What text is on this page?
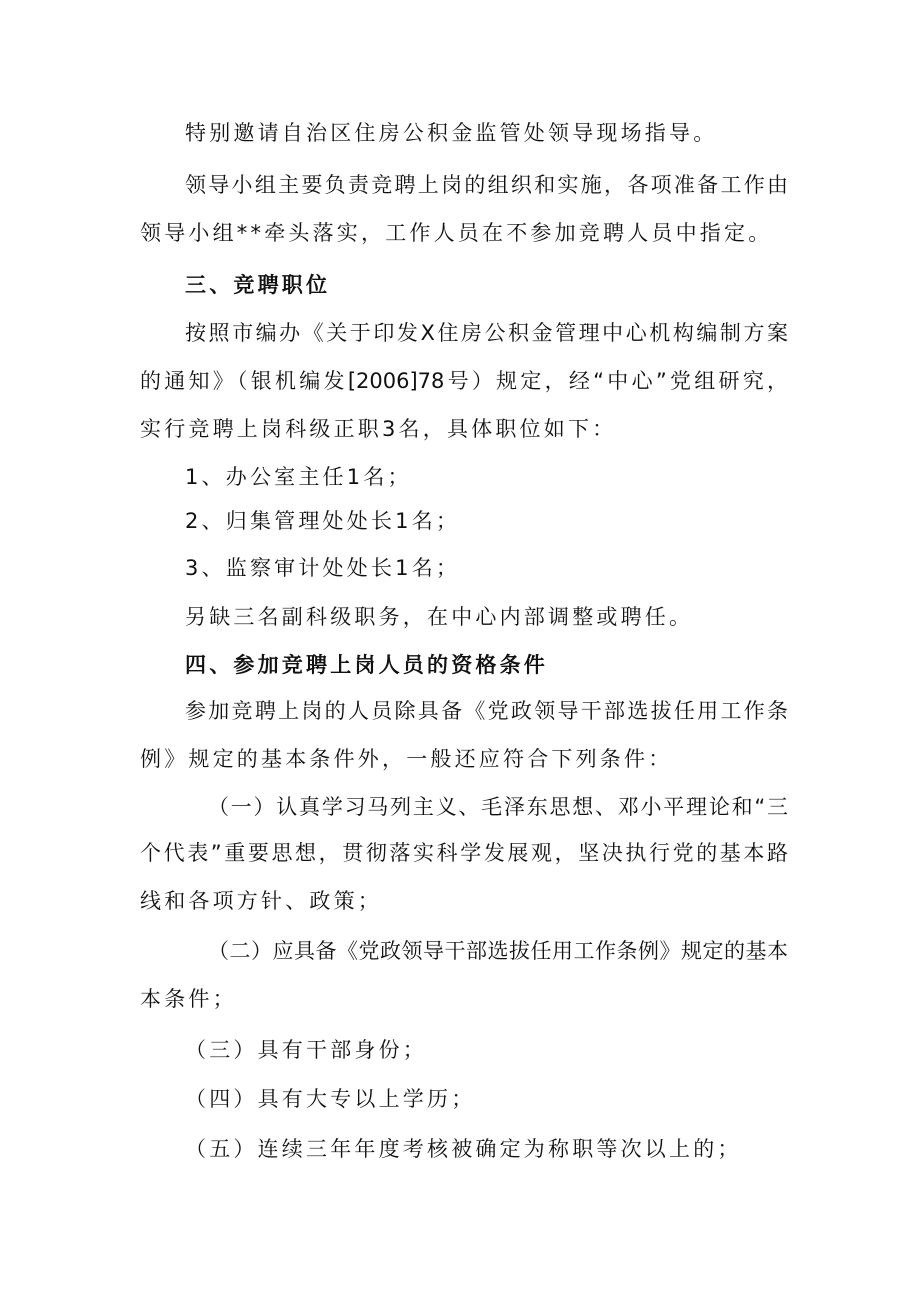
特别邀请自治区住房公积金监管处领导现场指导。
领导小组主要负责竞聘上岗的组织和实施，各项准备工作由
领导小组**牵头落实，工作人员在不参加竞聘人员中指定。
三、竞聘职位
按照市编办《关于印发X住房公积金管理中心机构编制方案
的通知》（银机编发[2006]78号）规定，经“中心”党组研究，
实行竞聘上岗科级正职3名，具体职位如下：
1、办公室主任1名；
2、归集管理处处长1名；
3、监察审计处处长1名；
另缺三名副科级职务，在中心内部调整或聘任。
四、参加竞聘上岗人员的资格条件
参加竞聘上岗的人员除具备《党政领导干部选拔任用工作条
例》规定的基本条件外，一般还应符合下列条件：
（一）认真学习马列主义、毛泽东思想、邓小平理论和“三
个代表”重要思想，贯彻落实科学发展观，坚决执行党的基本路
线和各项方针、政策；
（二）应具备《党政领导干部选拔任用工作条例》规定的基本
本条件；
（三）具有干部身份；
（四）具有大专以上学历；
（五）连续三年年度考核被确定为称职等次以上的；
